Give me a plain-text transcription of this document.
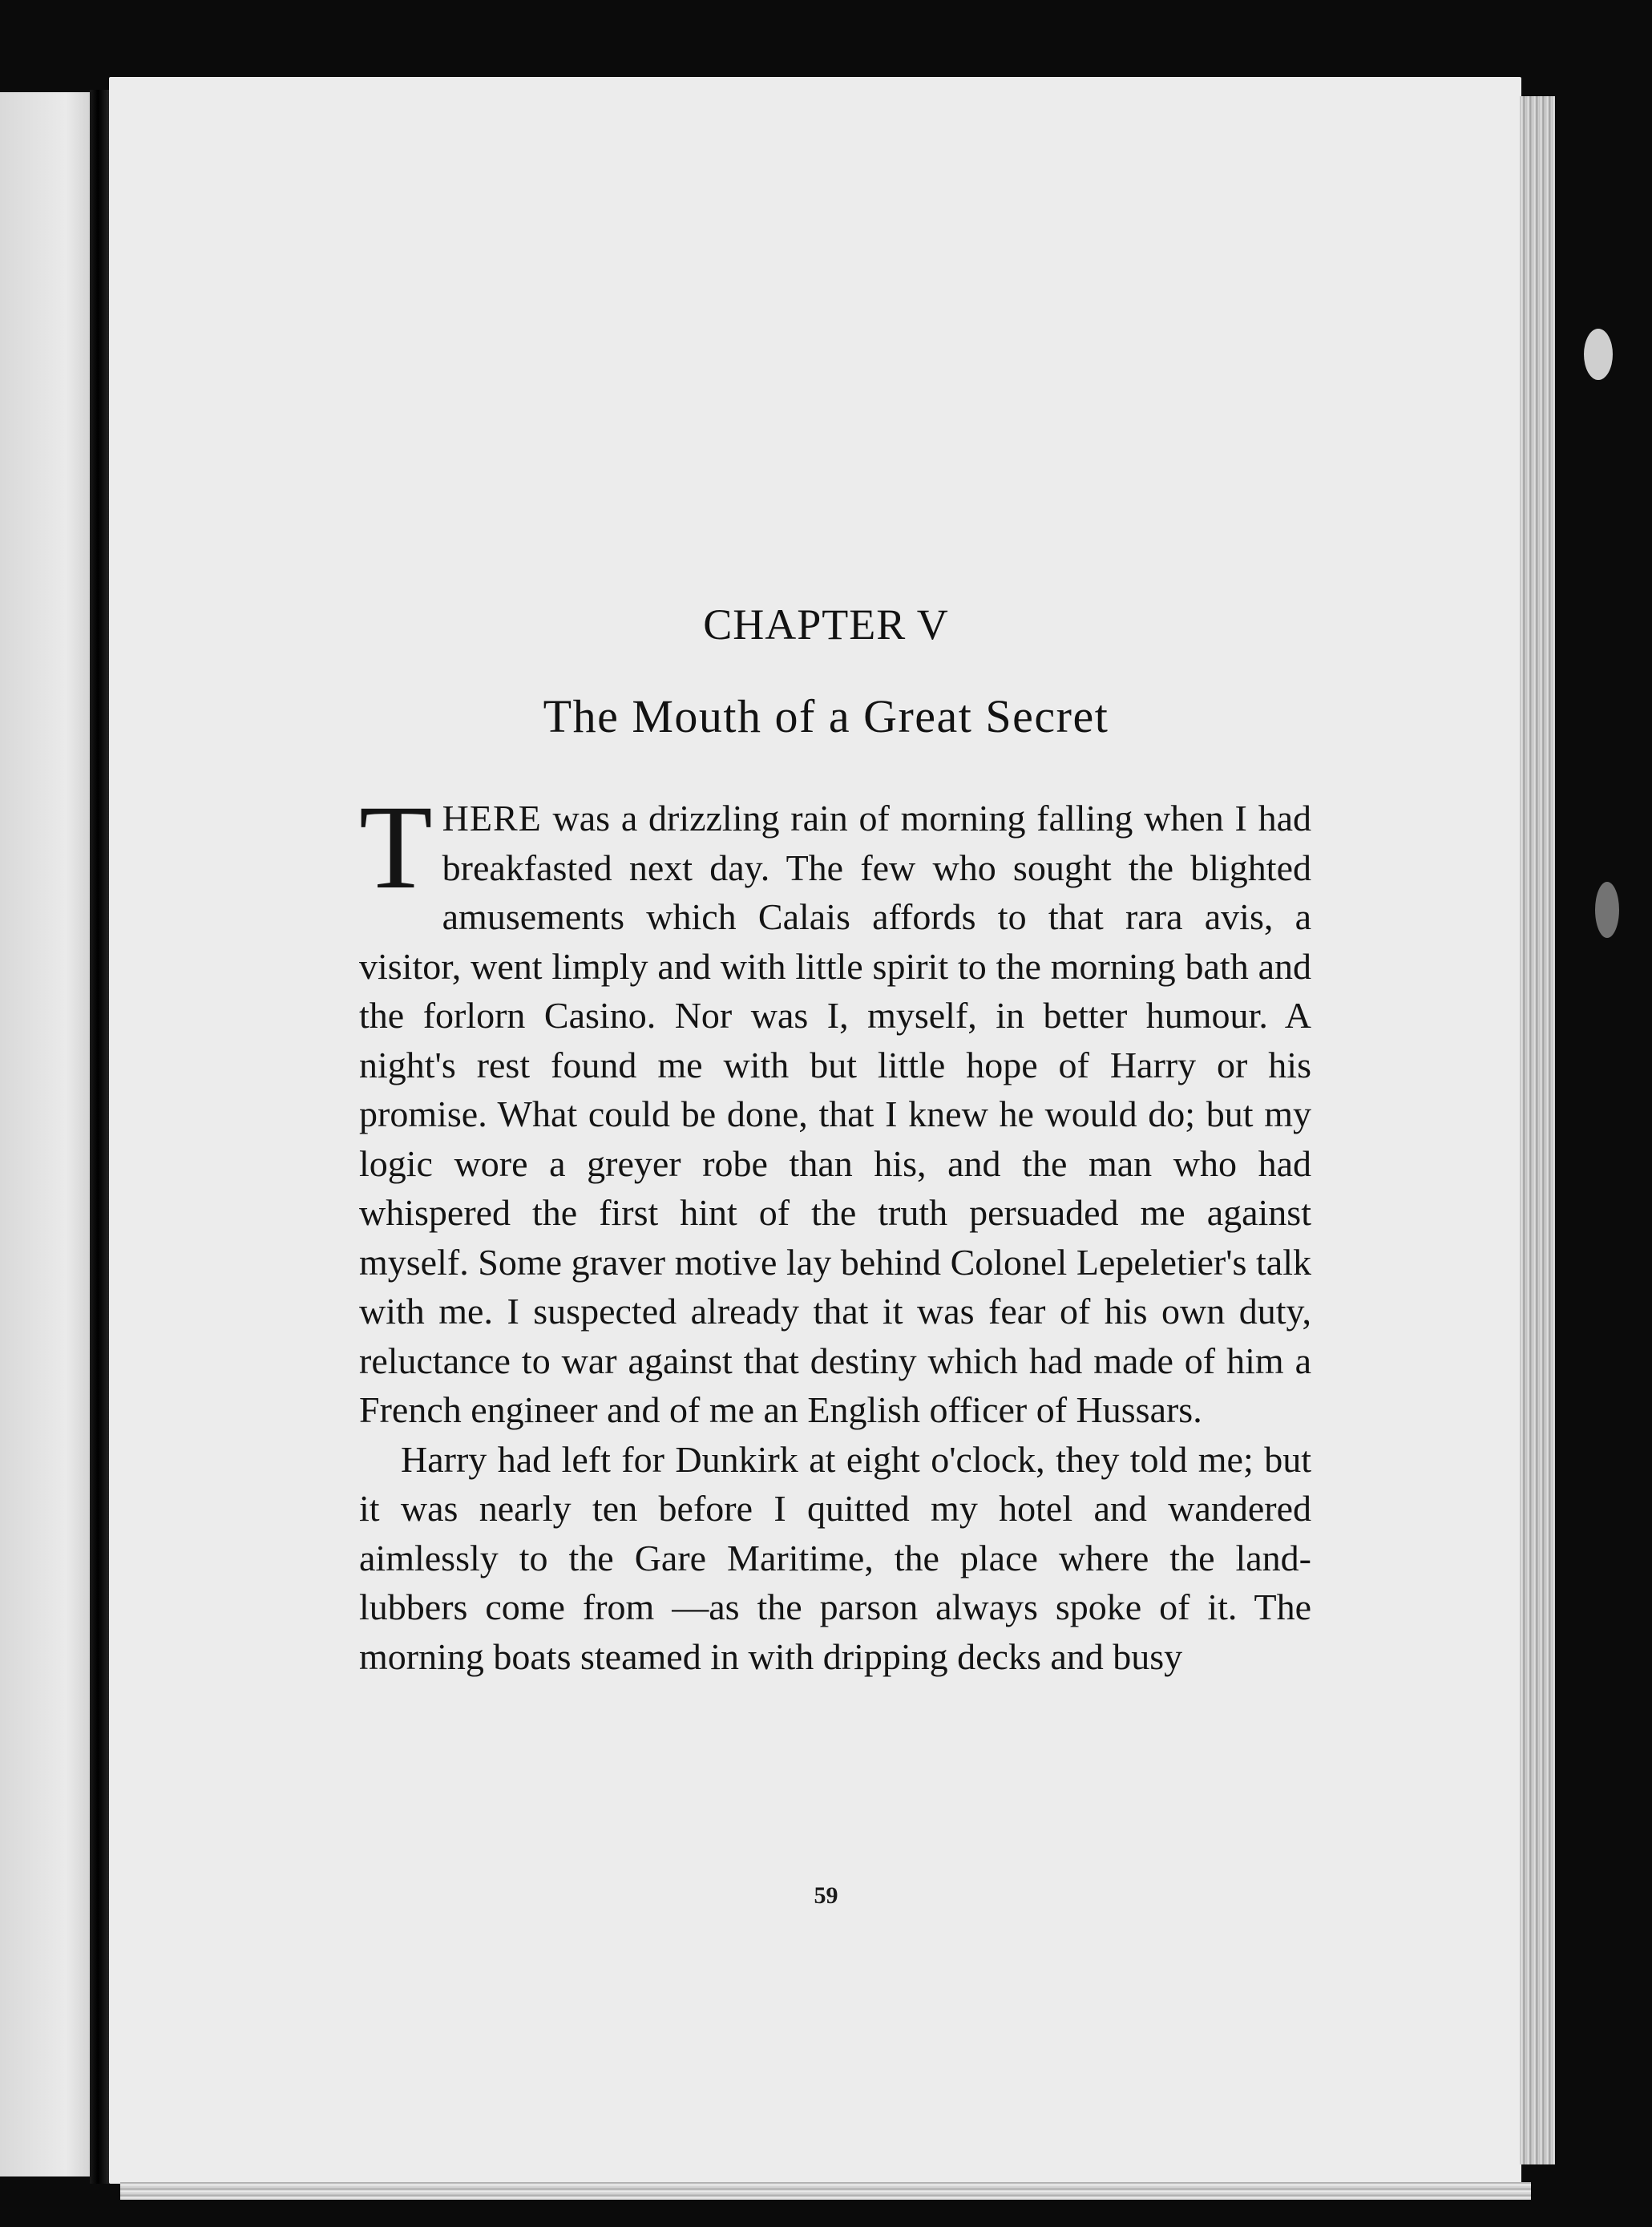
CHAPTER V
The Mouth of a Great Secret

THERE was a drizzling rain of morning falling when I had breakfasted next day. The few who sought the blighted amusements which Calais affords to that rara avis, a visitor, went limply and with little spirit to the morning bath and the forlorn Casino. Nor was I, myself, in better humour. A night's rest found me with but little hope of Harry or his promise. What could be done, that I knew he would do; but my logic wore a greyer robe than his, and the man who had whispered the first hint of the truth persuaded me against myself. Some graver motive lay behind Colonel Lepeletier's talk with me. I suspected already that it was fear of his own duty, reluctance to war against that destiny which had made of him a French engineer and of me an English officer of Hussars.

Harry had left for Dunkirk at eight o'clock, they told me; but it was nearly ten before I quitted my hotel and wandered aimlessly to the Gare Maritime, the place where the land-lubbers come from —as the parson always spoke of it. The morning boats steamed in with dripping decks and busy

59
